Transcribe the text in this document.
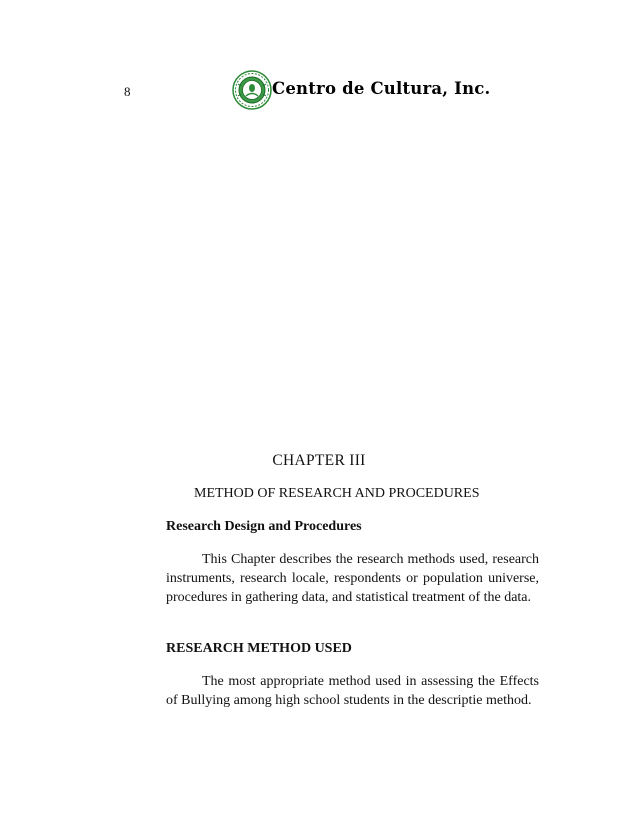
8	Centro de Cultura, Inc.
CHAPTER III
METHOD OF RESEARCH AND PROCEDURES
Research Design and Procedures
This Chapter describes the research methods used, research instruments, research locale, respondents or population universe, procedures in gathering data, and statistical treatment of the data.
RESEARCH METHOD USED
The most appropriate method used in assessing the Effects of Bullying among high school students in the descriptie method.
